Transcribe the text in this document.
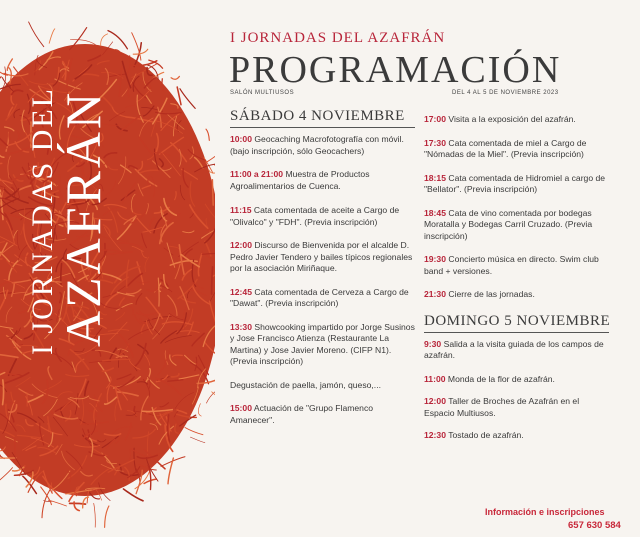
I JORNADAS DEL
AZAFRÁN
I JORNADAS DEL AZAFRÁN
PROGRAMACIÓN
SALÓN MULTIUSOS	DEL 4 AL 5 DE NOVIEMBRE 2023
SÁBADO 4 NOVIEMBRE
10:00 Geocaching Macrofotografía con móvil. (bajo inscripción, sólo Geocachers)
11:00 a 21:00 Muestra de Productos Agroalimentarios de Cuenca.
11:15 Cata comentada de aceite a Cargo de "Olivalco" y "FDH". (Previa inscripción)
12:00 Discurso de Bienvenida por el alcalde D. Pedro Javier Tendero y bailes típicos regionales por la asociación Miriñaque.
12:45 Cata comentada de Cerveza a Cargo de "Dawat". (Previa inscripción)
13:30 Showcooking impartido por Jorge Susinos y Jose Francisco Atienza (Restaurante La Martina) y Jose Javier Moreno. (CIFP N1). (Previa inscripción)
Degustación de paella, jamón, queso,...
15:00 Actuación de "Grupo Flamenco Amanecer".
17:00 Visita a la exposición del azafrán.
17:30 Cata comentada de miel a Cargo de "Nómadas de la Miel". (Previa inscripción)
18:15 Cata comentada de Hidromiel a cargo de "Bellator". (Previa inscripción)
18:45 Cata de vino comentada por bodegas Moratalla y Bodegas Carril Cruzado. (Previa inscripción)
19:30 Concierto música en directo. Swim club band + versiones.
21:30 Cierre de las jornadas.
DOMINGO 5 NOVIEMBRE
9:30 Salida a la visita guiada de los campos de azafrán.
11:00 Monda de la flor de azafrán.
12:00 Taller de Broches de Azafrán en el Espacio Multiusos.
12:30 Tostado de azafrán.
Información e inscripciones
657 630 584
